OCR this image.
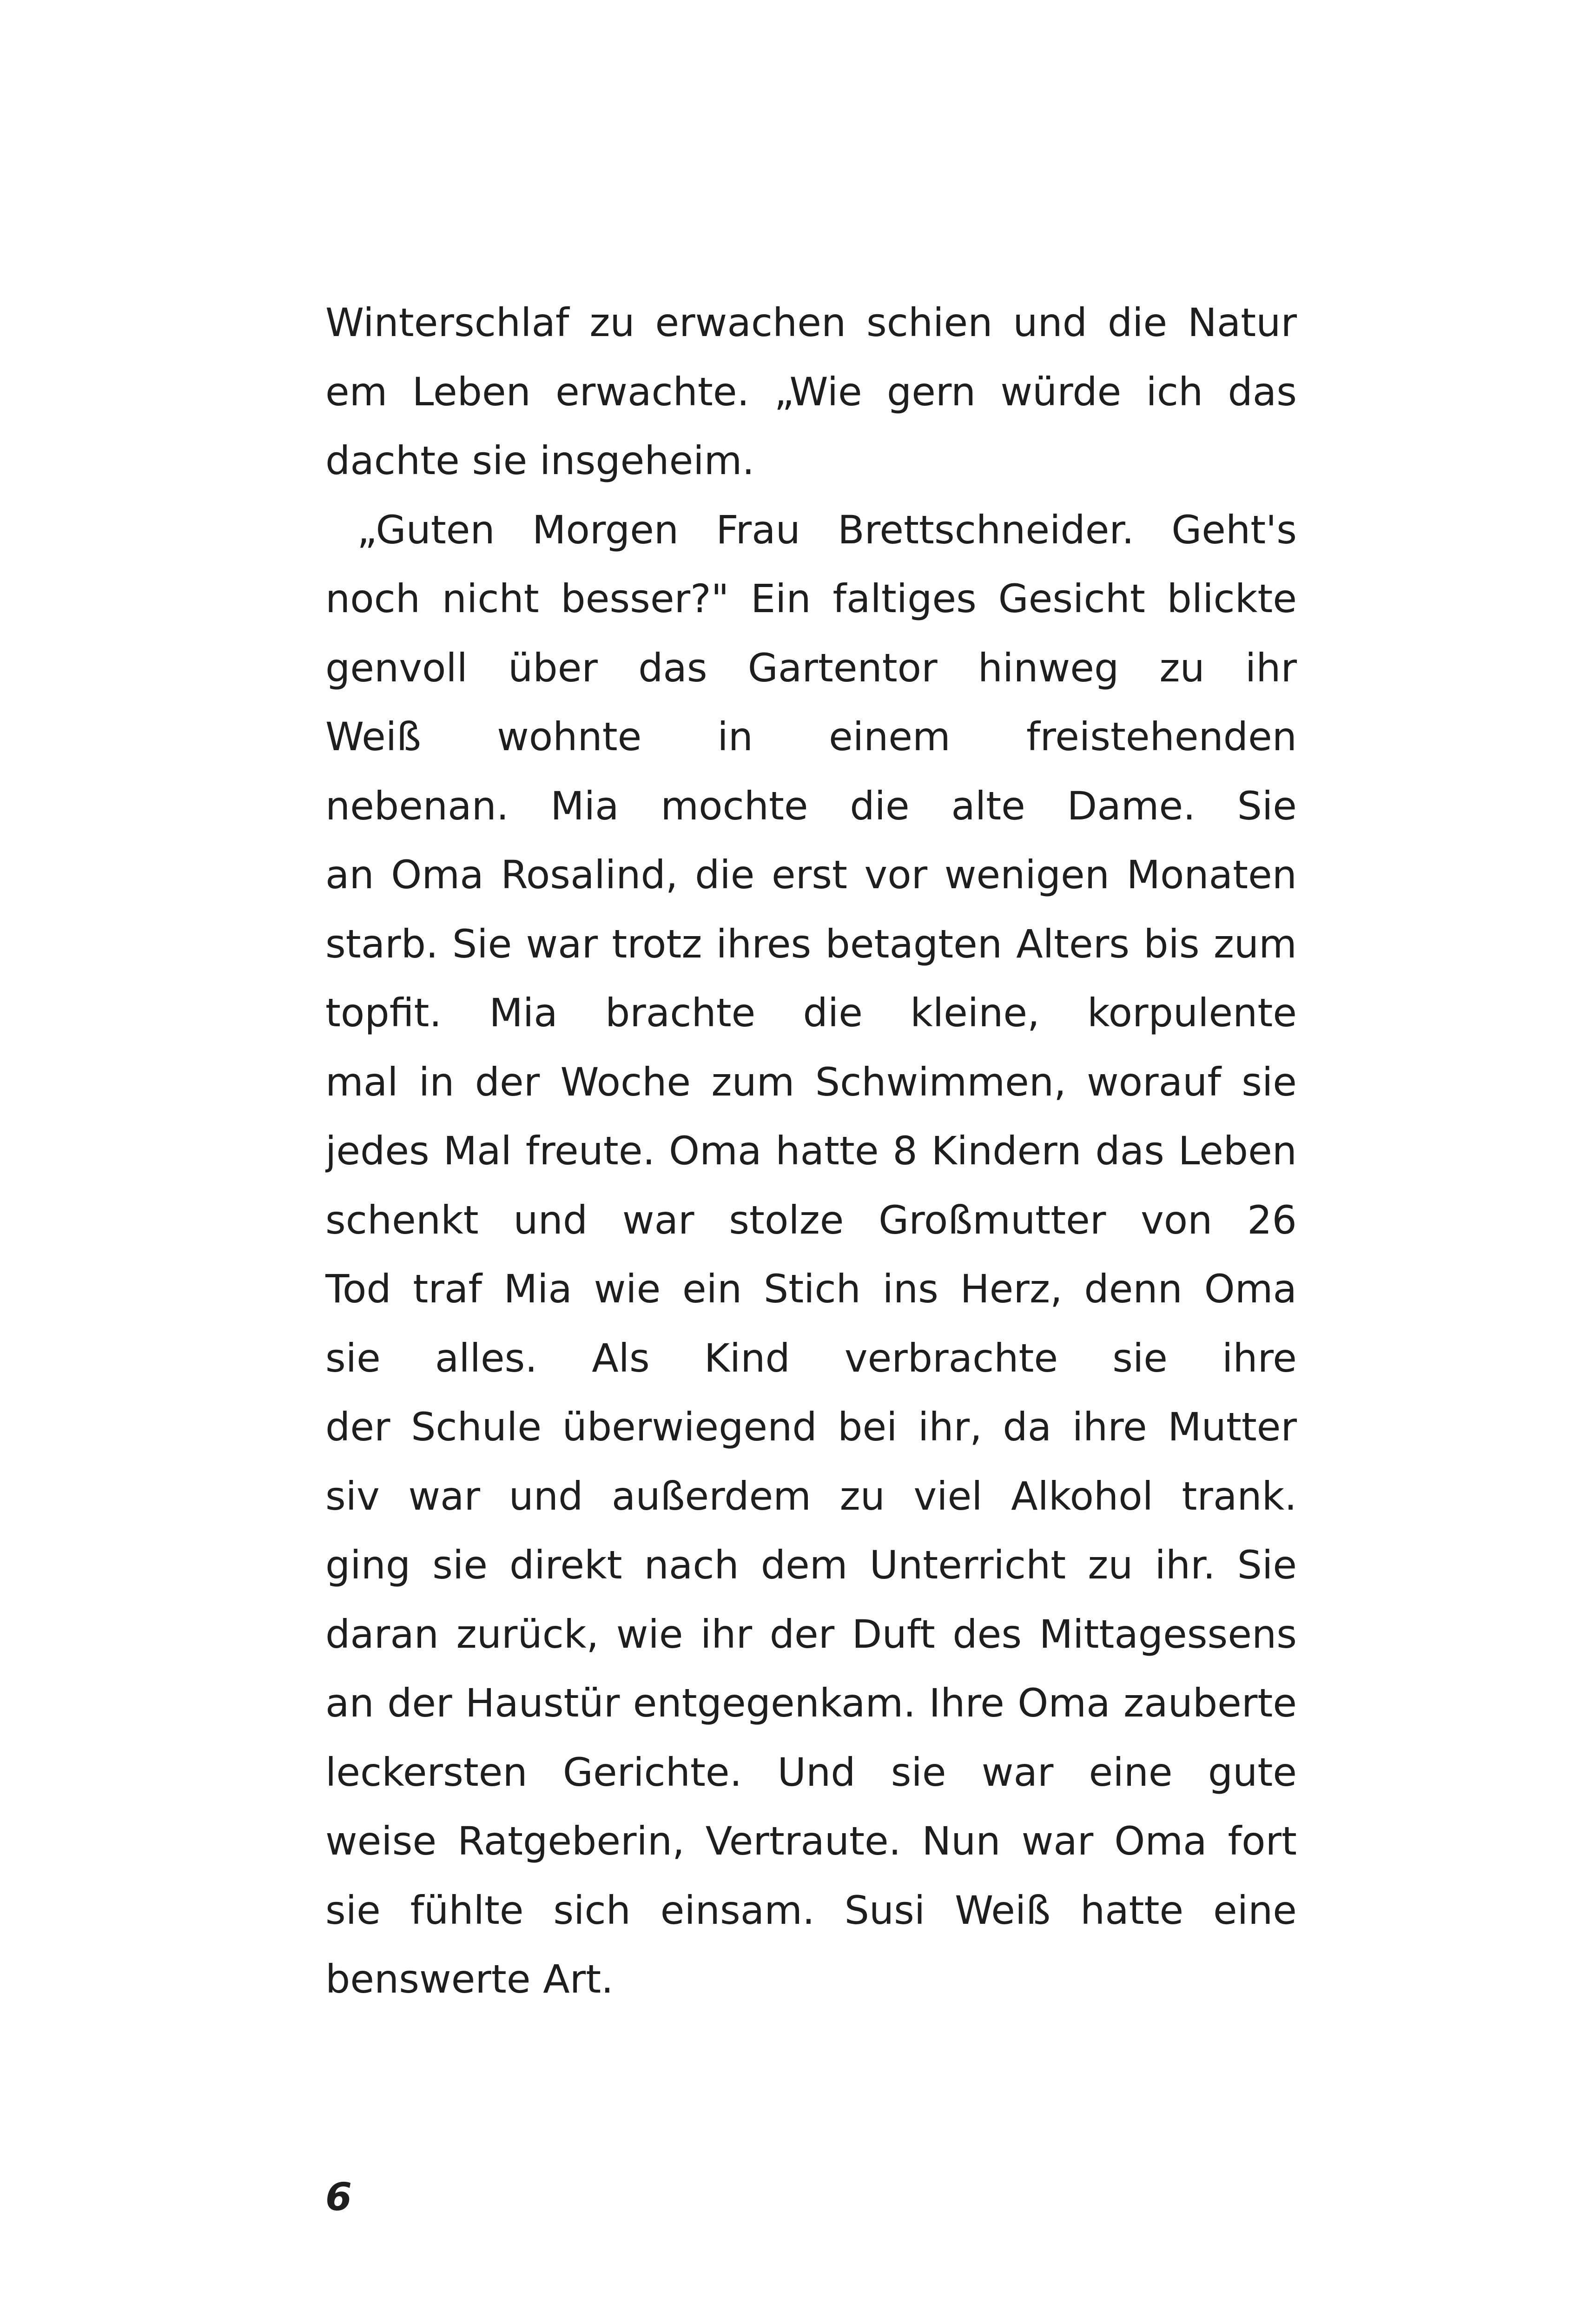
Winterschlaf zu erwachen schien und die Natur
em Leben erwachte. „Wie gern würde ich das
dachte sie insgeheim.
„Guten Morgen Frau Brettschneider. Geht's
noch nicht besser?" Ein faltiges Gesicht blickte
genvoll über das Gartentor hinweg zu ihr
Weiß wohnte in einem freistehenden
nebenan. Mia mochte die alte Dame. Sie
an Oma Rosalind, die erst vor wenigen Monaten
starb. Sie war trotz ihres betagten Alters bis zum
topfit. Mia brachte die kleine, korpulente
mal in der Woche zum Schwimmen, worauf sie
jedes Mal freute. Oma hatte 8 Kindern das Leben
schenkt und war stolze Großmutter von 26
Tod traf Mia wie ein Stich ins Herz, denn Oma
sie alles. Als Kind verbrachte sie ihre
der Schule überwiegend bei ihr, da ihre Mutter
siv war und außerdem zu viel Alkohol trank.
ging sie direkt nach dem Unterricht zu ihr. Sie
daran zurück, wie ihr der Duft des Mittagessens
an der Haustür entgegenkam. Ihre Oma zauberte
leckersten Gerichte. Und sie war eine gute
weise Ratgeberin, Vertraute. Nun war Oma fort
sie fühlte sich einsam. Susi Weiß hatte eine
benswerte Art.
6
